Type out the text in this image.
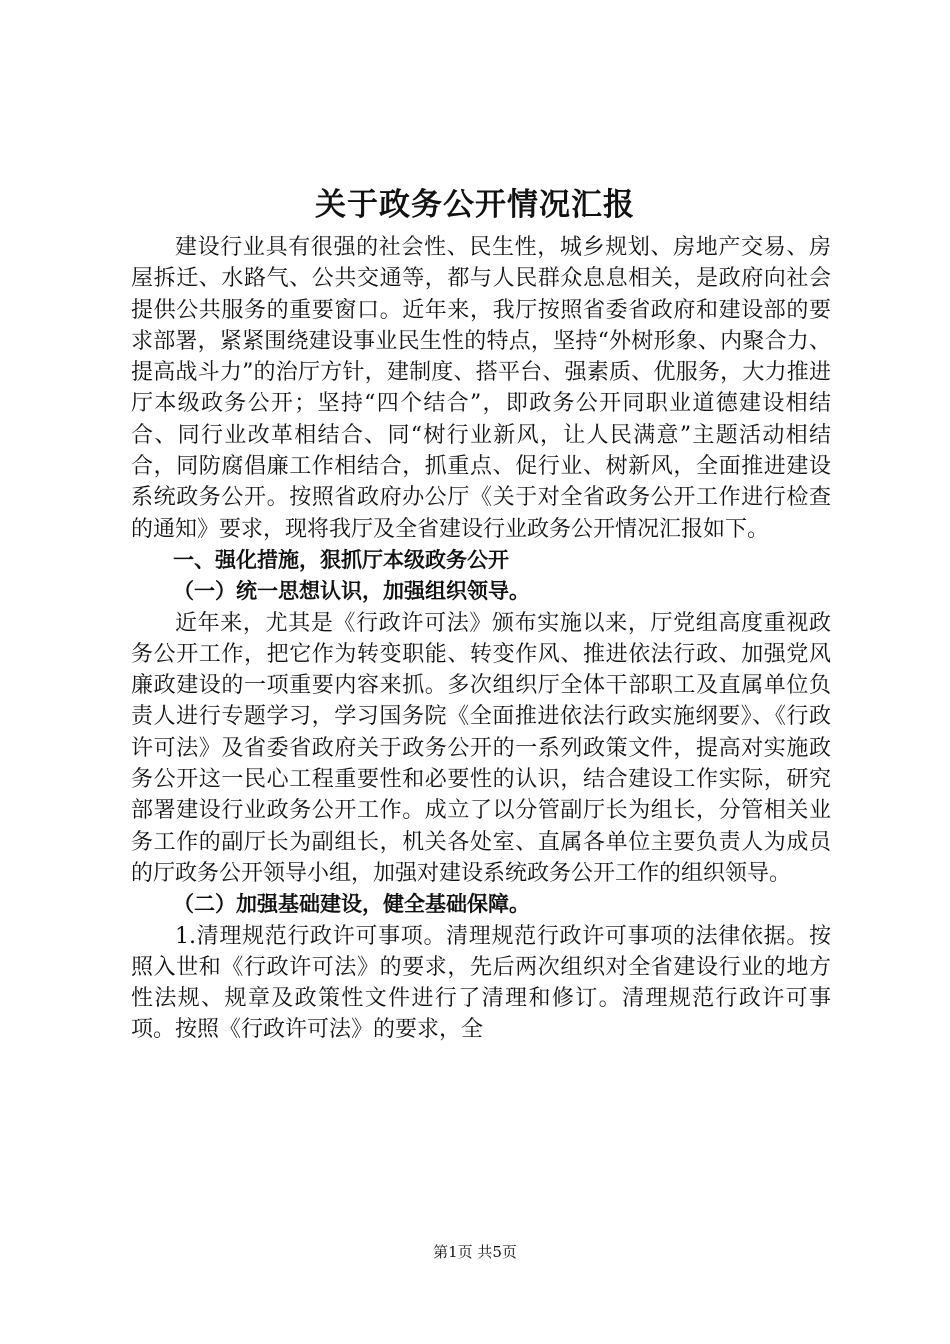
关于政务公开情况汇报

建设行业具有很强的社会性、民生性，城乡规划、房地产交易、房屋拆迁、水路气、公共交通等，都与人民群众息息相关，是政府向社会提供公共服务的重要窗口。近年来，我厅按照省委省政府和建设部的要求部署，紧紧围绕建设事业民生性的特点，坚持“外树形象、内聚合力、提高战斗力”的治厅方针，建制度、搭平台、强素质、优服务，大力推进厅本级政务公开；坚持“四个结合”，即政务公开同职业道德建设相结合、同行业改革相结合、同“树行业新风，让人民满意”主题活动相结合，同防腐倡廉工作相结合，抓重点、促行业、树新风，全面推进建设系统政务公开。按照省政府办公厅《关于对全省政务公开工作进行检查的通知》要求，现将我厅及全省建设行业政务公开情况汇报如下。

一、强化措施，狠抓厅本级政务公开

（一）统一思想认识，加强组织领导。

近年来，尤其是《行政许可法》颁布实施以来，厅党组高度重视政务公开工作，把它作为转变职能、转变作风、推进依法行政、加强党风廉政建设的一项重要内容来抓。多次组织厅全体干部职工及直属单位负责人进行专题学习，学习国务院《全面推进依法行政实施纲要》、《行政许可法》及省委省政府关于政务公开的一系列政策文件，提高对实施政务公开这一民心工程重要性和必要性的认识，结合建设工作实际，研究部署建设行业政务公开工作。成立了以分管副厅长为组长，分管相关业务工作的副厅长为副组长，机关各处室、直属各单位主要负责人为成员的厅政务公开领导小组，加强对建设系统政务公开工作的组织领导。

（二）加强基础建设，健全基础保障。

1.清理规范行政许可事项。清理规范行政许可事项的法律依据。按照入世和《行政许可法》的要求，先后两次组织对全省建设行业的地方性法规、规章及政策性文件进行了清理和修订。清理规范行政许可事项。按照《行政许可法》的要求，全

第1页 共5页
